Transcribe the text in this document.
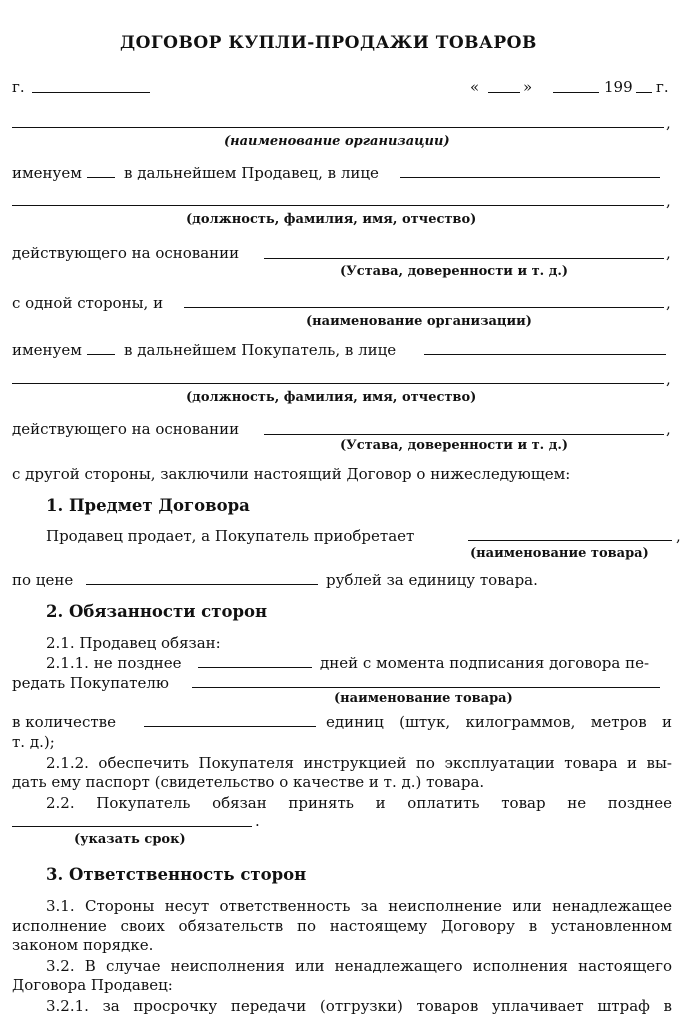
ДОГОВОР КУПЛИ-ПРОДАЖИ ТОВАРОВ
г.	«	»	199 г.
,
(наименование организации)
именуем	в дальнейшем Продавец, в лице
,
(должность, фамилия, имя, отчество)
действующего на основании	,
(Устава, доверенности и т. д.)
с одной стороны, и	,
(наименование организации)
именуем	в дальнейшем Покупатель, в лице
,
(должность, фамилия, имя, отчество)
действующего на основании	,
(Устава, доверенности и т. д.)
с другой стороны, заключили настоящий Договор о нижеследующем:
1. Предмет Договора
Продавец продает, а Покупатель приобретает	,
(наименование товара)
по цене	рублей за единицу товара.
2. Обязанности сторон
2.1. Продавец обязан:
2.1.1. не позднее	дней с момента подписания договора пе-
редать Покупателю
(наименование товара)
в количестве	единиц (штук, килограммов, метров и
т. д.);
2.1.2. обеспечить Покупателя инструкцией по эксплуатации товара и вы-
дать ему паспорт (свидетельство о качестве и т. д.) товара.
2.2. Покупатель обязан принять и оплатить товар не позднее
.
(указать срок)
3. Ответственность сторон
3.1. Стороны несут ответственность за неисполнение или ненадлежащее
исполнение своих обязательств по настоящему Договору в установленном
законом порядке.
3.2. В случае неисполнения или ненадлежащего исполнения настоящего
Договора Продавец:
3.2.1. за просрочку передачи (отгрузки) товаров уплачивает штраф в
